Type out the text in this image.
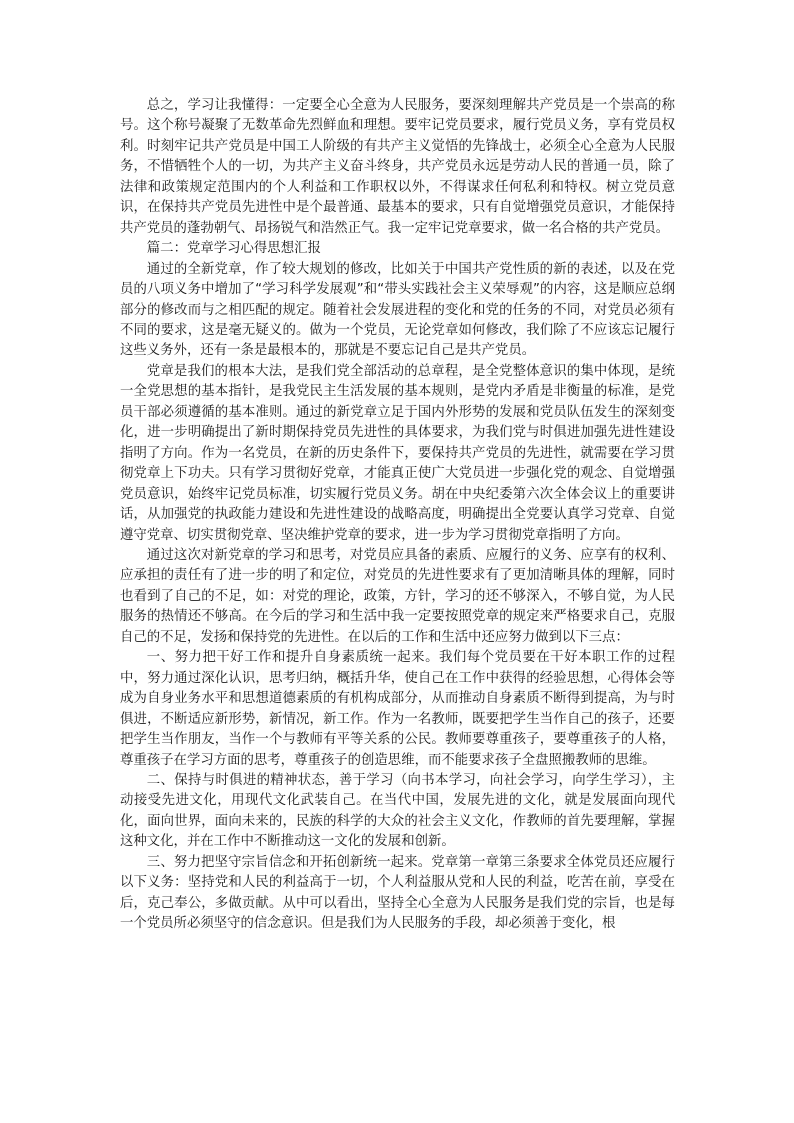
总之，学习让我懂得：一定要全心全意为人民服务，要深刻理解共产党员是一个崇高的称号。这个称号凝聚了无数革命先烈鲜血和理想。要牢记党员要求，履行党员义务，享有党员权利。时刻牢记共产党员是中国工人阶级的有共产主义觉悟的先锋战士，必须全心全意为人民服务，不惜牺牲个人的一切，为共产主义奋斗终身，共产党员永远是劳动人民的普通一员，除了法律和政策规定范围内的个人利益和工作职权以外，不得谋求任何私利和特权。树立党员意识，在保持共产党员先进性中是个最普通、最基本的要求，只有自觉增强党员意识，才能保持共产党员的蓬勃朝气、昂扬锐气和浩然正气。我一定牢记党章要求，做一名合格的共产党员。

篇二：党章学习心得思想汇报

通过的全新党章，作了较大规划的修改，比如关于中国共产党性质的新的表述，以及在党员的八项义务中增加了“学习科学发展观”和“带头实践社会主义荣辱观”的内容，这是顺应总纲部分的修改而与之相匹配的规定。随着社会发展进程的变化和党的任务的不同，对党员必须有不同的要求，这是毫无疑义的。做为一个党员，无论党章如何修改，我们除了不应该忘记履行这些义务外，还有一条是最根本的，那就是不要忘记自己是共产党员。

党章是我们的根本大法，是我们党全部活动的总章程，是全党整体意识的集中体现，是统一全党思想的基本指针，是我党民主生活发展的基本规则，是党内矛盾是非衡量的标准，是党员干部必须遵循的基本准则。通过的新党章立足于国内外形势的发展和党员队伍发生的深刻变化，进一步明确提出了新时期保持党员先进性的具体要求，为我们党与时俱进加强先进性建设指明了方向。作为一名党员，在新的历史条件下，要保持共产党员的先进性，就需要在学习贯彻党章上下功夫。只有学习贯彻好党章，才能真正使广大党员进一步强化党的观念、自觉增强党员意识，始终牢记党员标准，切实履行党员义务。胡在中央纪委第六次全体会议上的重要讲话，从加强党的执政能力建设和先进性建设的战略高度，明确提出全党要认真学习党章、自觉遵守党章、切实贯彻党章、坚决维护党章的要求，进一步为学习贯彻党章指明了方向。

通过这次对新党章的学习和思考，对党员应具备的素质、应履行的义务、应享有的权利、应承担的责任有了进一步的明了和定位，对党员的先进性要求有了更加清晰具体的理解，同时也看到了自己的不足，如：对党的理论，政策，方针，学习的还不够深入，不够自觉，为人民服务的热情还不够高。在今后的学习和生活中我一定要按照党章的规定来严格要求自己，克服自己的不足，发扬和保持党的先进性。在以后的工作和生活中还应努力做到以下三点：

一、努力把干好工作和提升自身素质统一起来。我们每个党员要在干好本职工作的过程中，努力通过深化认识，思考归纳，概括升华，使自己在工作中获得的经验思想，心得体会等成为自身业务水平和思想道德素质的有机构成部分，从而推动自身素质不断得到提高，为与时俱进，不断适应新形势，新情况，新工作。作为一名教师，既要把学生当作自己的孩子，还要把学生当作朋友，当作一个与教师有平等关系的公民。教师要尊重孩子，要尊重孩子的人格，尊重孩子在学习方面的思考，尊重孩子的创造思维，而不能要求孩子全盘照搬教师的思维。

二、保持与时俱进的精神状态，善于学习（向书本学习，向社会学习，向学生学习），主动接受先进文化，用现代文化武装自己。在当代中国，发展先进的文化，就是发展面向现代化，面向世界，面向未来的，民族的科学的大众的社会主义文化，作教师的首先要理解，掌握这种文化，并在工作中不断推动这一文化的发展和创新。

三、努力把坚守宗旨信念和开拓创新统一起来。党章第一章第三条要求全体党员还应履行以下义务：坚持党和人民的利益高于一切，个人利益服从党和人民的利益，吃苦在前，享受在后，克己奉公，多做贡献。从中可以看出，坚持全心全意为人民服务是我们党的宗旨，也是每一个党员所必须坚守的信念意识。但是我们为人民服务的手段，却必须善于变化，根
